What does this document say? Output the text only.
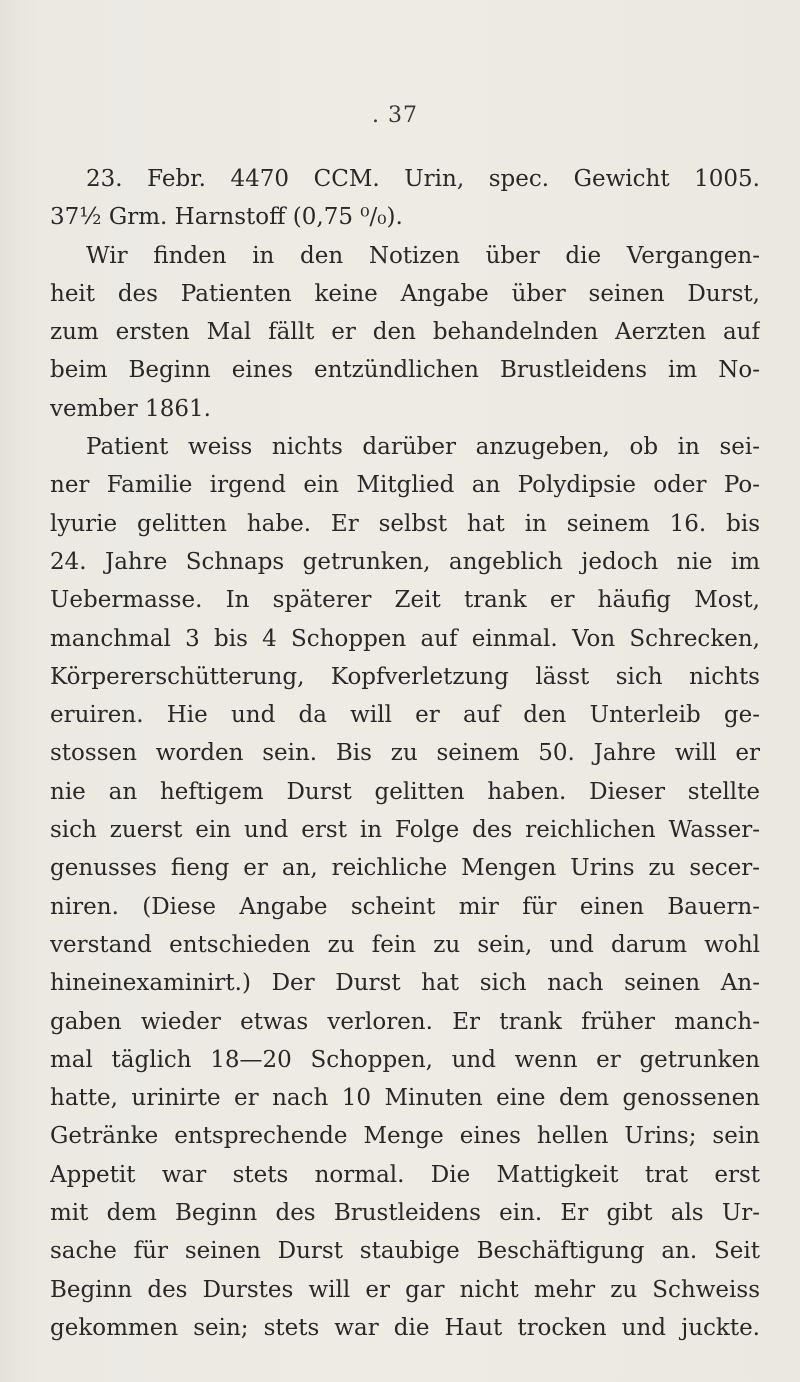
. 37
23. Febr. 4470 CCM. Urin, spec. Gewicht 1005.
37½ Grm. Harnstoff (0,75 ⁰/₀).
Wir finden in den Notizen über die Vergangen-
heit des Patienten keine Angabe über seinen Durst,
zum ersten Mal fällt er den behandelnden Aerzten auf
beim Beginn eines entzündlichen Brustleidens im No-
vember 1861.
Patient weiss nichts darüber anzugeben, ob in sei-
ner Familie irgend ein Mitglied an Polydipsie oder Po-
lyurie gelitten habe. Er selbst hat in seinem 16. bis
24. Jahre Schnaps getrunken, angeblich jedoch nie im
Uebermasse. In späterer Zeit trank er häufig Most,
manchmal 3 bis 4 Schoppen auf einmal. Von Schrecken,
Körpererschütterung, Kopfverletzung lässt sich nichts
eruiren. Hie und da will er auf den Unterleib ge-
stossen worden sein. Bis zu seinem 50. Jahre will er
nie an heftigem Durst gelitten haben. Dieser stellte
sich zuerst ein und erst in Folge des reichlichen Wasser-
genusses fieng er an, reichliche Mengen Urins zu secer-
niren. (Diese Angabe scheint mir für einen Bauern-
verstand entschieden zu fein zu sein, und darum wohl
hineinexaminirt.) Der Durst hat sich nach seinen An-
gaben wieder etwas verloren. Er trank früher manch-
mal täglich 18—20 Schoppen, und wenn er getrunken
hatte, urinirte er nach 10 Minuten eine dem genossenen
Getränke entsprechende Menge eines hellen Urins; sein
Appetit war stets normal. Die Mattigkeit trat erst
mit dem Beginn des Brustleidens ein. Er gibt als Ur-
sache für seinen Durst staubige Beschäftigung an. Seit
Beginn des Durstes will er gar nicht mehr zu Schweiss
gekommen sein; stets war die Haut trocken und juckte.
